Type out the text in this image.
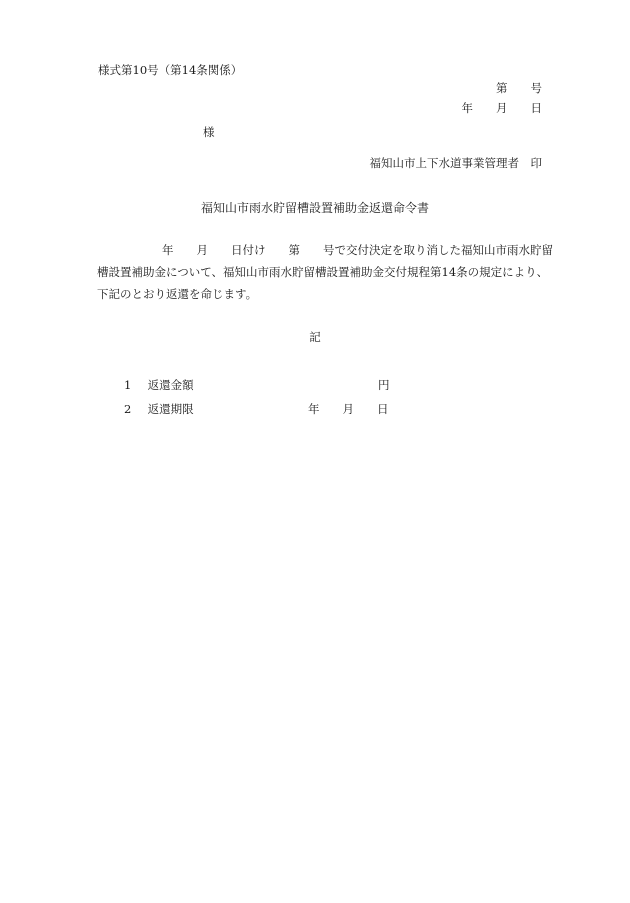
様式第10号（第14条関係）
第　　号
年　　月　　日
様
福知山市上下水道事業管理者　印
福知山市雨水貯留槽設置補助金返還命令書
年　　月　　日付け　　第　　号で交付決定を取り消した福知山市雨水貯留
槽設置補助金について、福知山市雨水貯留槽設置補助金交付規程第14条の規定により、
下記のとおり返還を命じます。
記
1 返還金額	円
2 返還期限	年　　月　　日
